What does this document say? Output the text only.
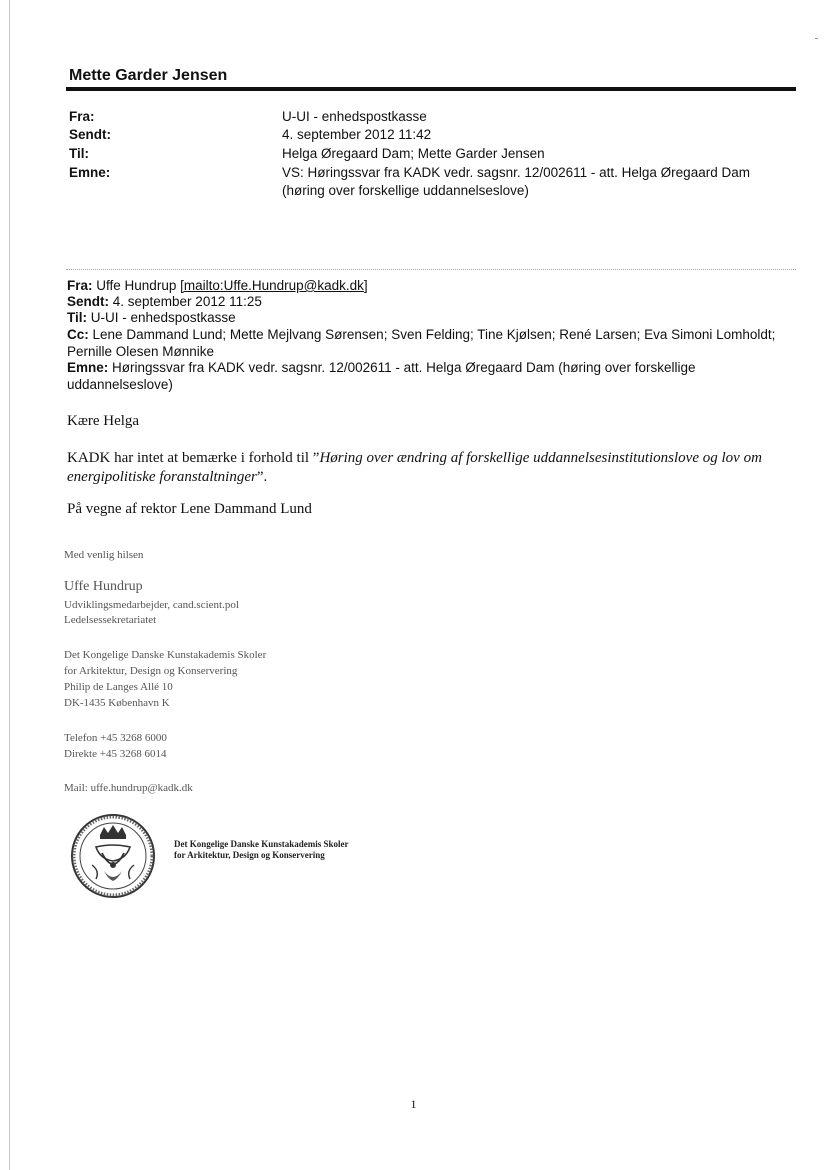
Mette Garder Jensen
Fra:	U-UI - enhedspostkasse
Sendt:	4. september 2012 11:42
Til:	Helga Øregaard Dam; Mette Garder Jensen
Emne:	VS: Høringssvar fra KADK vedr. sagsnr. 12/002611 - att. Helga Øregaard Dam
(høring over forskellige uddannelseslove)
Fra: Uffe Hundrup [mailto:Uffe.Hundrup@kadk.dk]
Sendt: 4. september 2012 11:25
Til: U-UI - enhedspostkasse
Cc: Lene Dammand Lund; Mette Mejlvang Sørensen; Sven Felding; Tine Kjølsen; René Larsen; Eva Simoni Lomholdt;
Pernille Olesen Mønnike
Emne: Høringssvar fra KADK vedr. sagsnr. 12/002611 - att. Helga Øregaard Dam (høring over forskellige
uddannelseslove)
Kære Helga
KADK har intet at bemærke i forhold til ”Høring over ændring af forskellige uddannelsesinstitutionslove og lov om energipolitiske foranstaltninger”.
På vegne af rektor Lene Dammand Lund
Med venlig hilsen
Uffe Hundrup
Udviklingsmedarbejder, cand.scient.pol
Ledelsessekretariatet
Det Kongelige Danske Kunstakademis Skoler
for Arkitektur, Design og Konservering
Philip de Langes Allé 10
DK-1435 København K
Telefon +45 3268 6000
Direkte +45 3268 6014
Mail: uffe.hundrup@kadk.dk
Det Kongelige Danske Kunstakademis Skoler
for Arkitektur, Design og Konservering
1
